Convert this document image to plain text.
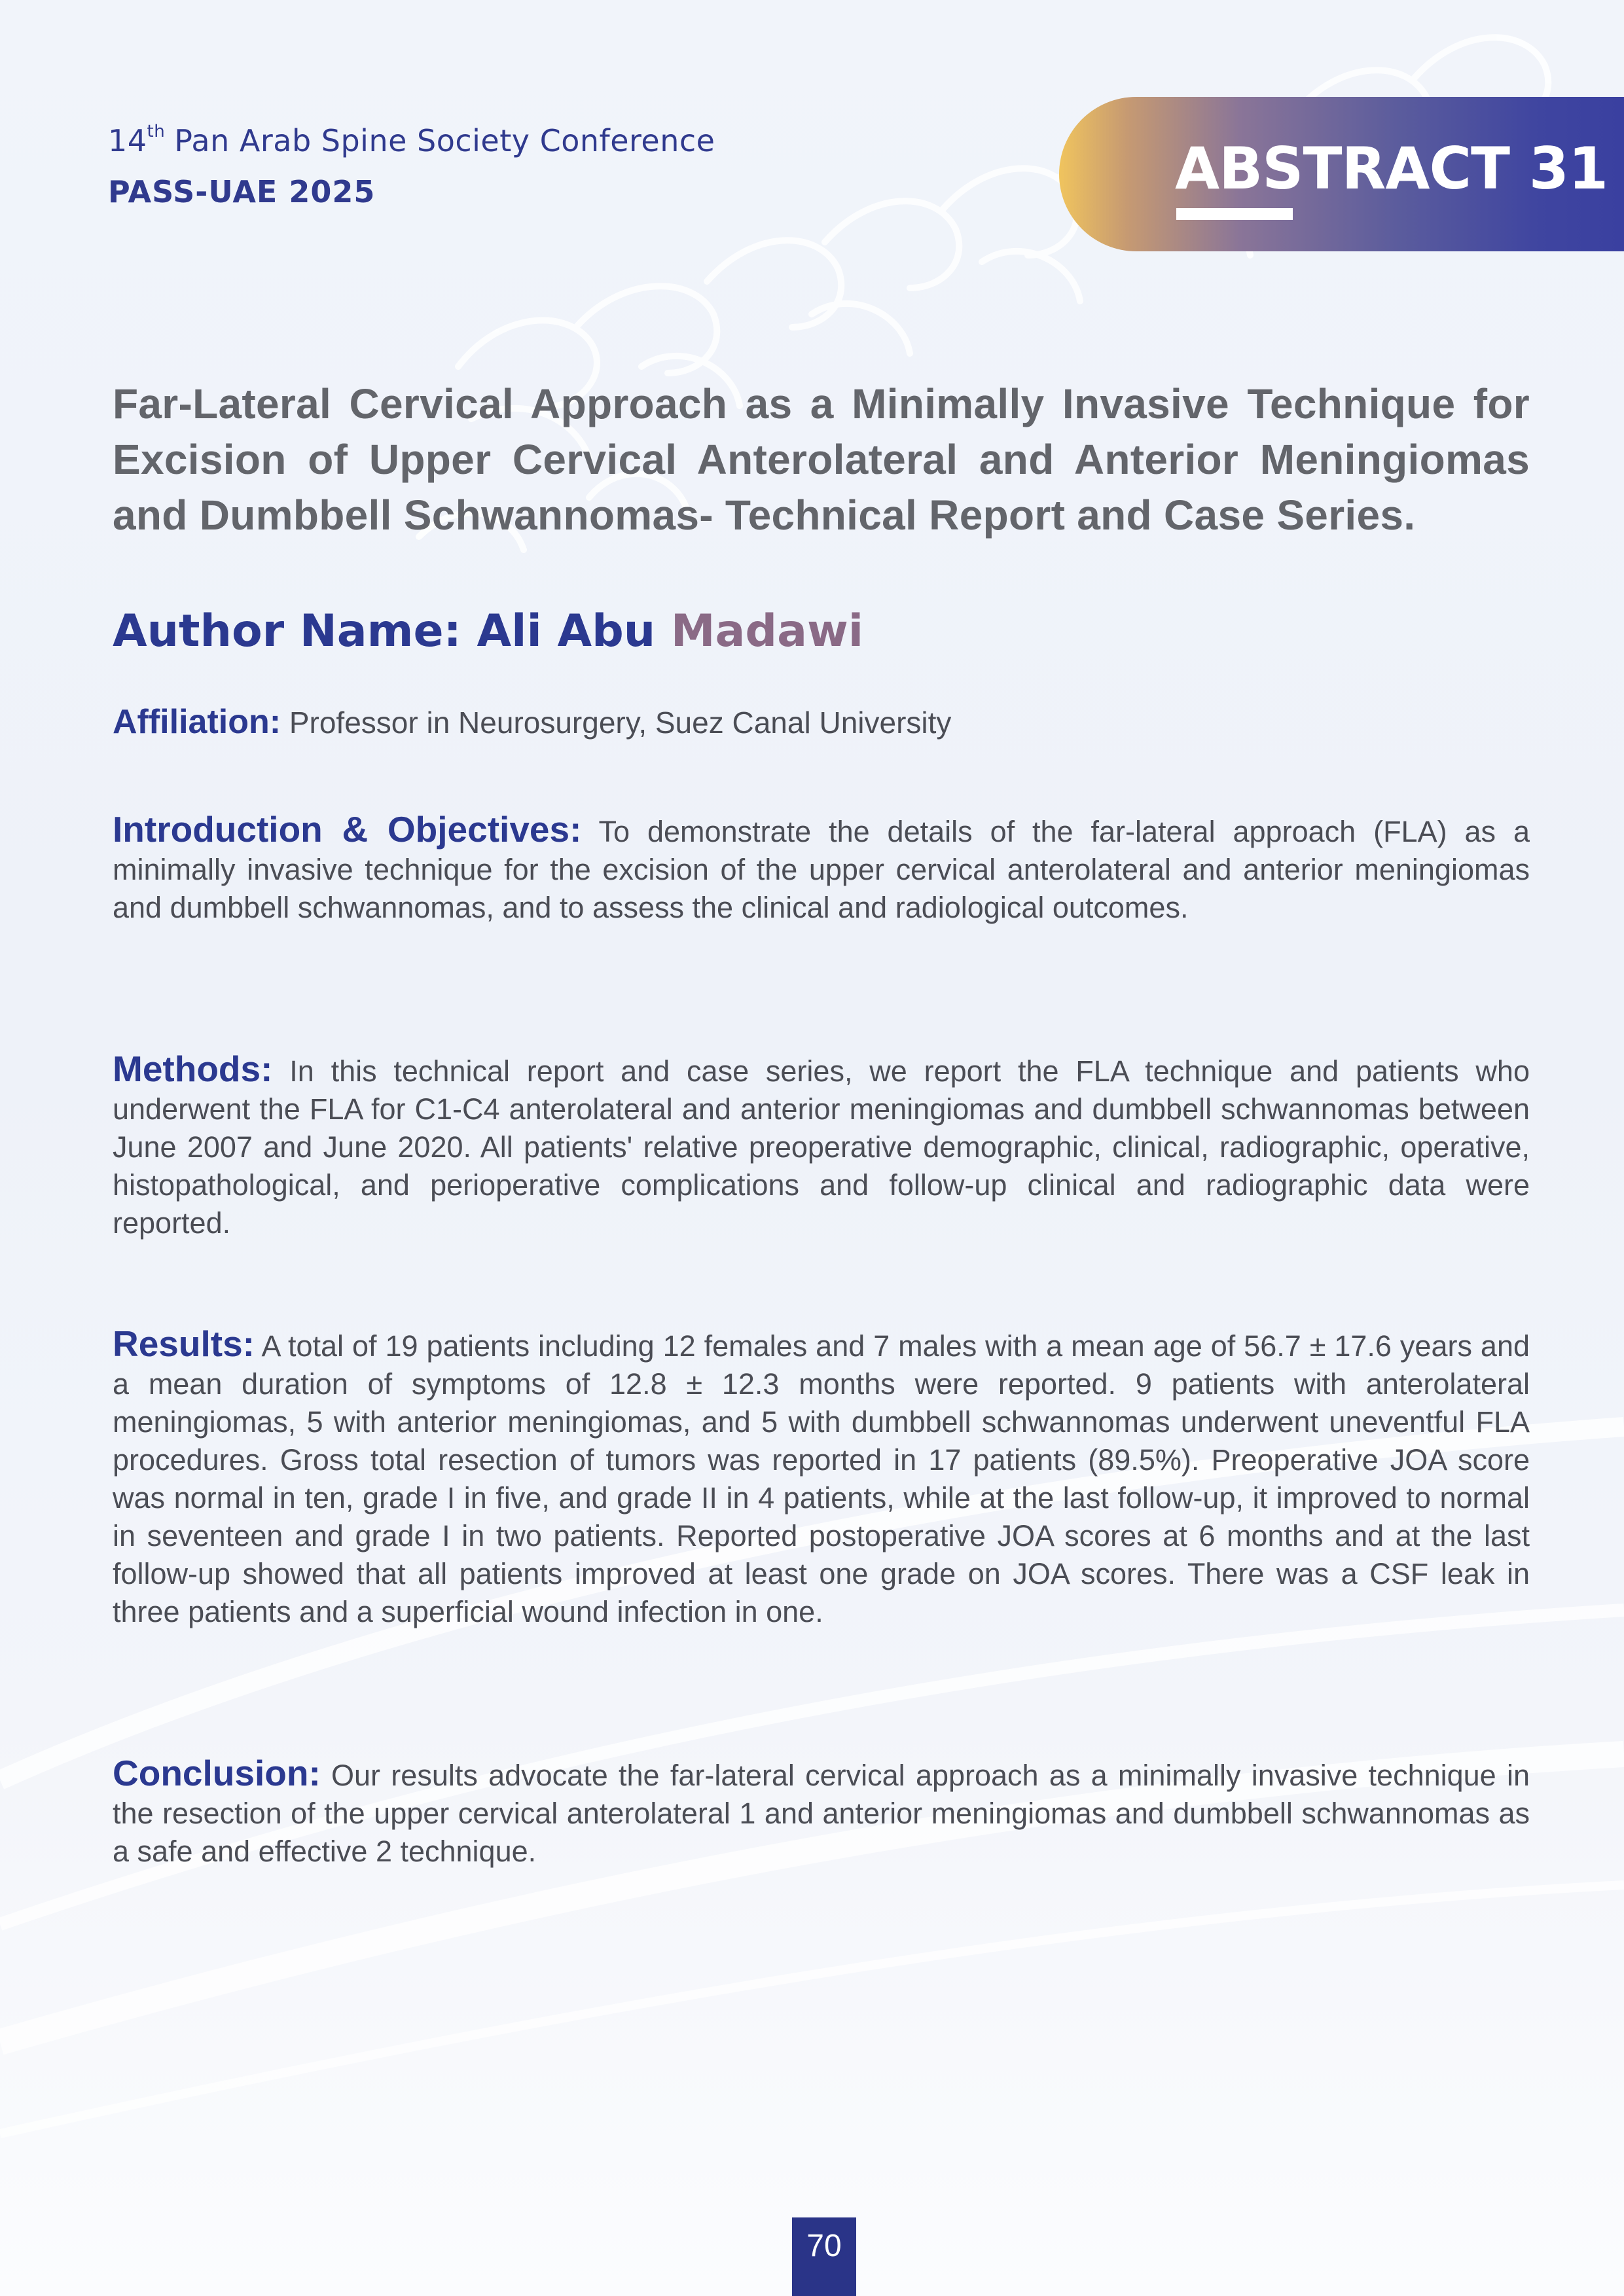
14th Pan Arab Spine Society Conference
PASS-UAE 2025	ABSTRACT 31
Far-Lateral Cervical Approach as a Minimally Invasive Technique for Excision of Upper Cervical Anterolateral and Anterior Meningiomas and Dumbbell Schwannomas- Technical Report and Case Series.
Author Name: Ali Abu Madawi
Affiliation: Professor in Neurosurgery, Suez Canal University
Introduction & Objectives: To demonstrate the details of the far-lateral approach (FLA) as a minimally invasive technique for the excision of the upper cervical anterolateral and anterior meningiomas and dumbbell schwannomas, and to assess the clinical and radiological outcomes.
Methods: In this technical report and case series, we report the FLA technique and patients who underwent the FLA for C1-C4 anterolateral and anterior meningiomas and dumbbell schwannomas between June 2007 and June 2020. All patients' relative preoperative demographic, clinical, radiographic, operative, histopathological, and perioperative complications and follow-up clinical and radiographic data were reported.
Results: A total of 19 patients including 12 females and 7 males with a mean age of 56.7 ± 17.6 years and a mean duration of symptoms of 12.8 ± 12.3 months were reported. 9 patients with anterolateral meningiomas, 5 with anterior meningiomas, and 5 with dumbbell schwannomas underwent uneventful FLA procedures. Gross total resection of tumors was reported in 17 patients (89.5%). Preoperative JOA score was normal in ten, grade I in five, and grade II in 4 patients, while at the last follow-up, it improved to normal in seventeen and grade I in two patients. Reported postoperative JOA scores at 6 months and at the last follow-up showed that all patients improved at least one grade on JOA scores. There was a CSF leak in three patients and a superficial wound infection in one.
Conclusion: Our results advocate the far-lateral cervical approach as a minimally invasive technique in the resection of the upper cervical anterolateral 1 and anterior meningiomas and dumbbell schwannomas as a safe and effective 2 technique.
70
